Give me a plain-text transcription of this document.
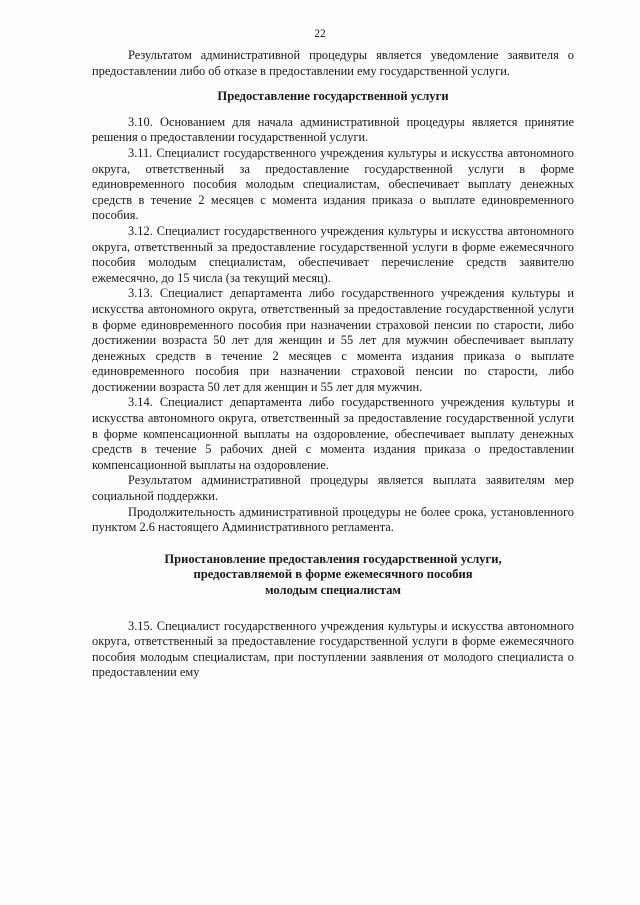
22

Результатом административной процедуры является уведомление заявителя о предоставлении либо об отказе в предоставлении ему государственной услуги.

Предоставление государственной услуги

3.10. Основанием для начала административной процедуры является принятие решения о предоставлении государственной услуги.

3.11. Специалист государственного учреждения культуры и искусства автономного округа, ответственный за предоставление государственной услуги в форме единовременного пособия молодым специалистам, обеспечивает выплату денежных средств в течение 2 месяцев с момента издания приказа о выплате единовременного пособия.

3.12. Специалист государственного учреждения культуры и искусства автономного округа, ответственный за предоставление государственной услуги в форме ежемесячного пособия молодым специалистам, обеспечивает перечисление средств заявителю ежемесячно, до 15 числа (за текущий месяц).

3.13. Специалист департамента либо государственного учреждения культуры и искусства автономного округа, ответственный за предоставление государственной услуги в форме единовременного пособия при назначении страховой пенсии по старости, либо достижении возраста 50 лет для женщин и 55 лет для мужчин обеспечивает выплату денежных средств в течение 2 месяцев с момента издания приказа о выплате единовременного пособия при назначении страховой пенсии по старости, либо достижении возраста 50 лет для женщин и 55 лет для мужчин.

3.14. Специалист департамента либо государственного учреждения культуры и искусства автономного округа, ответственный за предоставление государственной услуги в форме компенсационной выплаты на оздоровление, обеспечивает выплату денежных средств в течение 5 рабочих дней с момента издания приказа о предоставлении компенсационной выплаты на оздоровление.

Результатом административной процедуры является выплата заявителям мер социальной поддержки.

Продолжительность административной процедуры не более срока, установленного пунктом 2.6 настоящего Административного регламента.

Приостановление предоставления государственной услуги,
предоставляемой в форме ежемесячного пособия
молодым специалистам

3.15. Специалист государственного учреждения культуры и искусства автономного округа, ответственный за предоставление государственной услуги в форме ежемесячного пособия молодым специалистам, при поступлении заявления от молодого специалиста о предоставлении ему
